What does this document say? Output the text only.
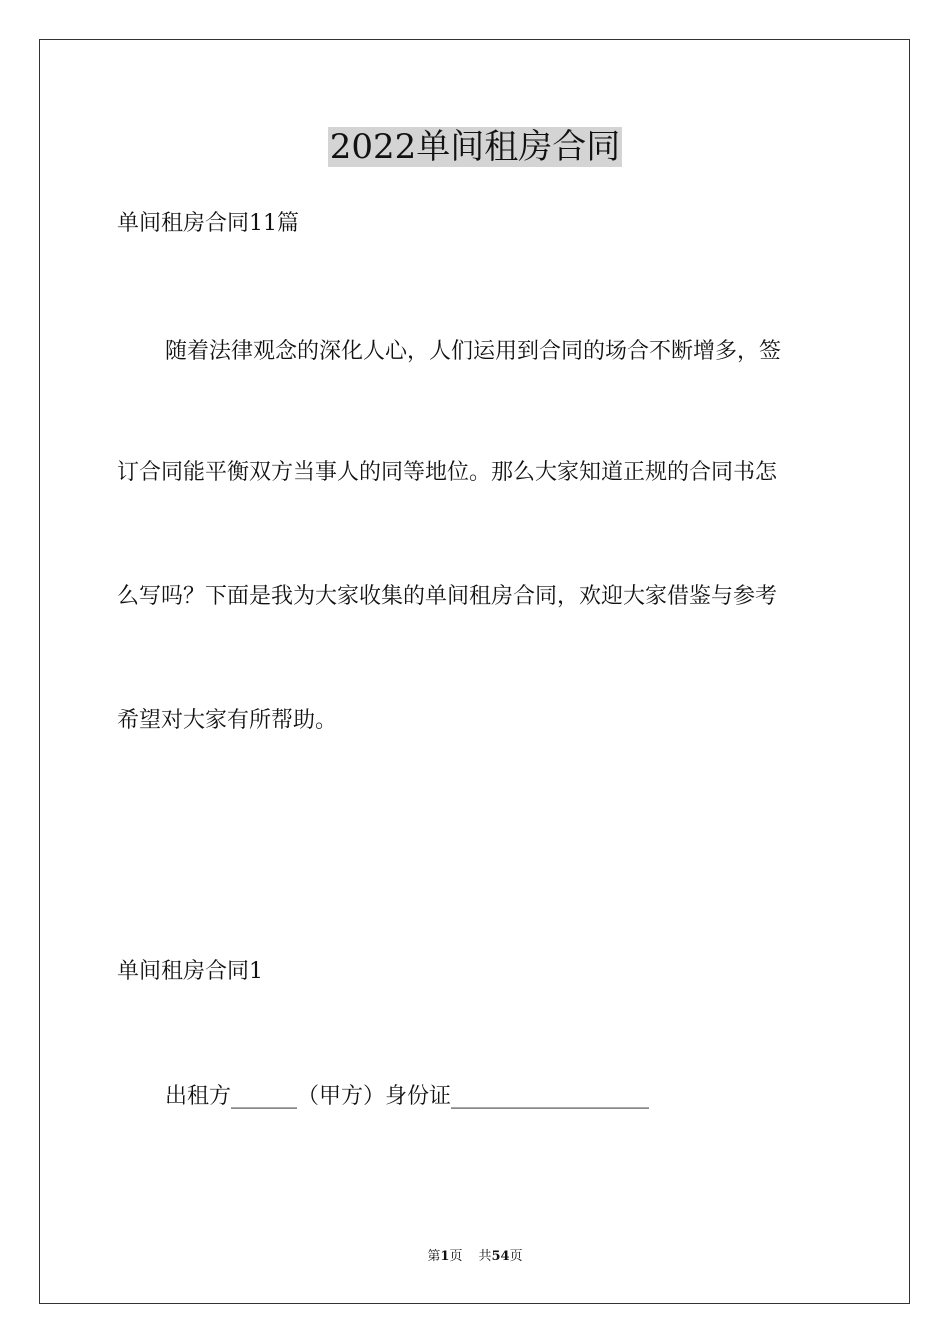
2022单间租房合同
单间租房合同11篇
随着法律观念的深化人心，人们运用到合同的场合不断增多，签
订合同能平衡双方当事人的同等地位。那么大家知道正规的合同书怎
么写吗？下面是我为大家收集的单间租房合同，欢迎大家借鉴与参考
希望对大家有所帮助。
单间租房合同1
出租方______（甲方）身份证__________________
第1页 共54页
